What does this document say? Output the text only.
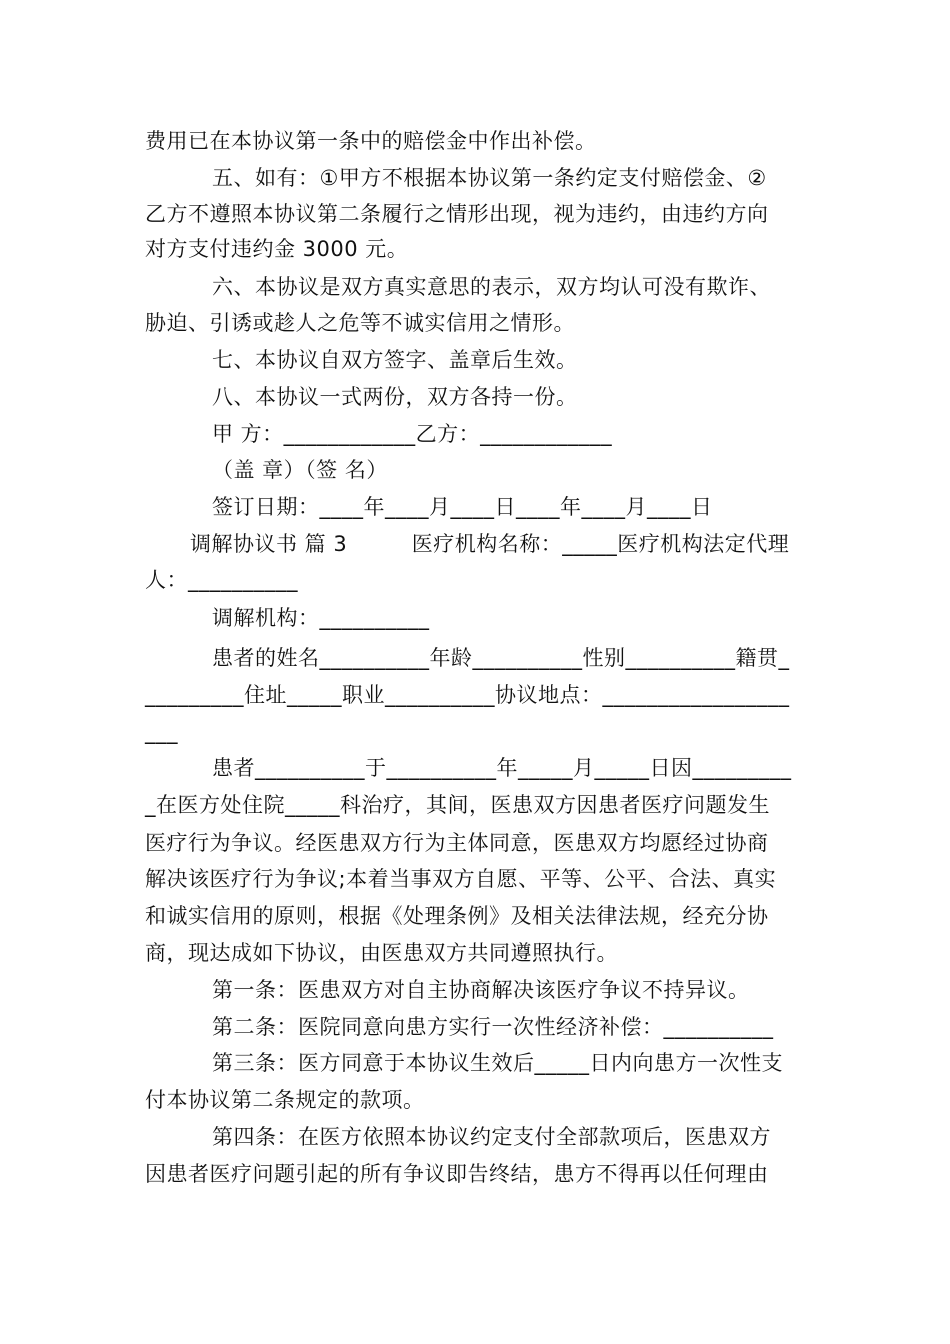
费用已在本协议第一条中的赔偿金中作出补偿。
五、如有：①甲方不根据本协议第一条约定支付赔偿金、②
乙方不遵照本协议第二条履行之情形出现，视为违约，由违约方向
对方支付违约金 3000 元。
六、本协议是双方真实意思的表示，双方均认可没有欺诈、
胁迫、引诱或趁人之危等不诚实信用之情形。
七、本协议自双方签字、盖章后生效。
八、本协议一式两份，双方各持一份。
甲 方：____________乙方：____________
（盖 章）（签 名）
签订日期：____年____月____日____年____月____日
调解协议书 篇 3　　　医疗机构名称：_____医疗机构法定代理
人：__________
调解机构：__________
患者的姓名__________年龄__________性别__________籍贯_
_________住址_____职业__________协议地点：_________________
___
患者__________于__________年_____月_____日因_________
_在医方处住院_____科治疗，其间，医患双方因患者医疗问题发生
医疗行为争议。经医患双方行为主体同意，医患双方均愿经过协商
解决该医疗行为争议;本着当事双方自愿、平等、公平、合法、真实
和诚实信用的原则，根据《处理条例》及相关法律法规，经充分协
商，现达成如下协议，由医患双方共同遵照执行。
第一条：医患双方对自主协商解决该医疗争议不持异议。
第二条：医院同意向患方实行一次性经济补偿：__________
第三条：医方同意于本协议生效后_____日内向患方一次性支
付本协议第二条规定的款项。
第四条：在医方依照本协议约定支付全部款项后，医患双方
因患者医疗问题引起的所有争议即告终结，患方不得再以任何理由
